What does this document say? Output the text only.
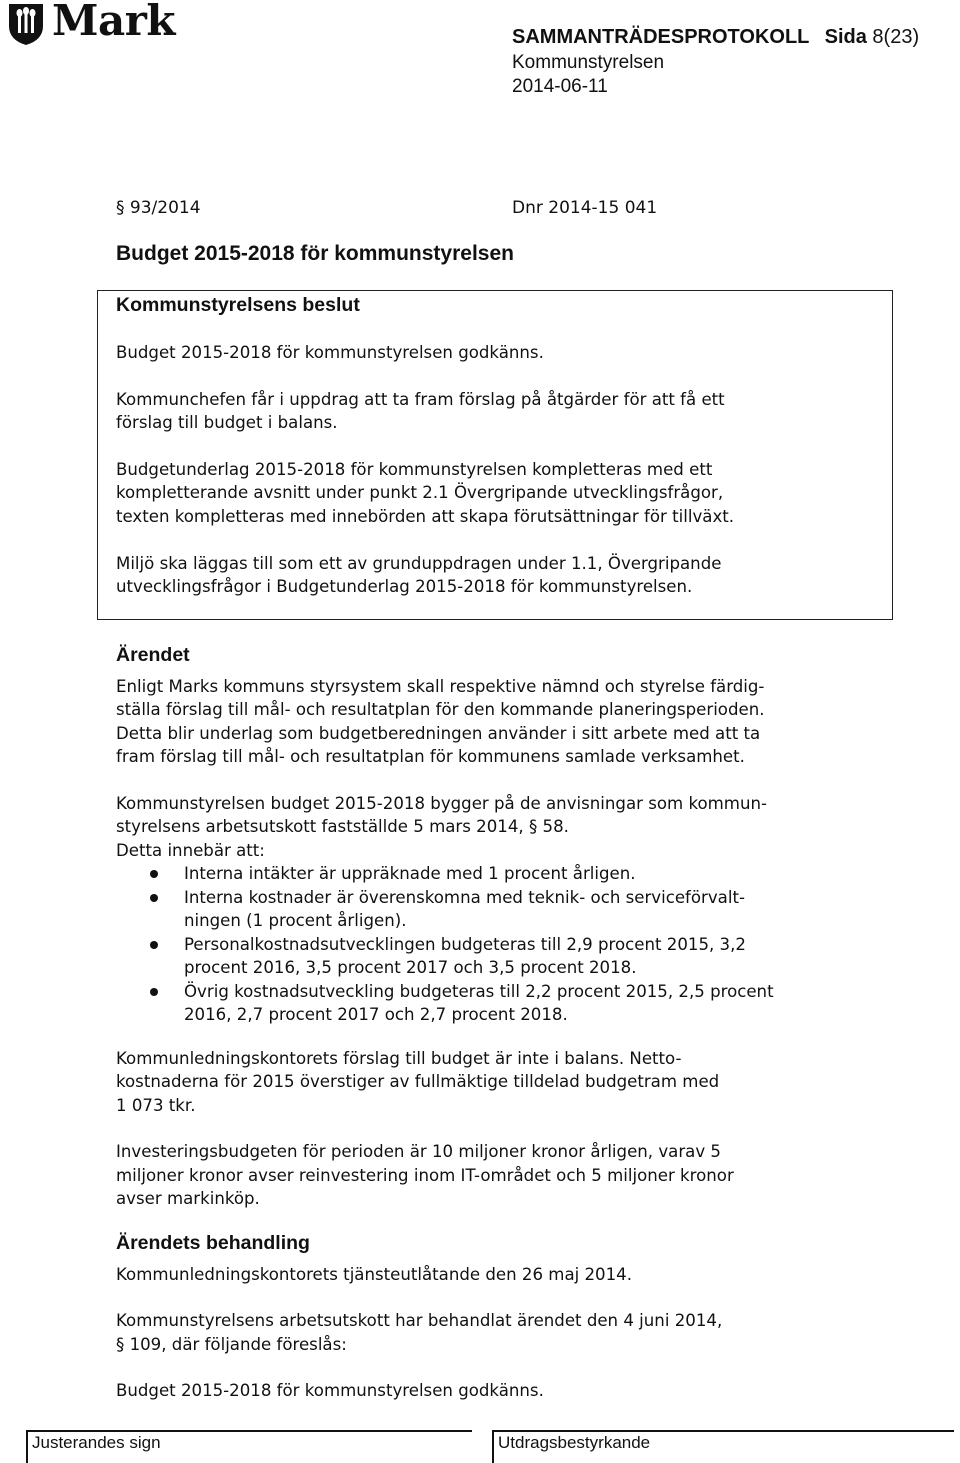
Mark	SAMMANTRÄDESPROTOKOLL Sida 8(23)
Kommunstyrelsen
2014-06-11
§ 93/2014	Dnr 2014-15 041
Budget 2015-2018 för kommunstyrelsen
Kommunstyrelsens beslut
Budget 2015-2018 för kommunstyrelsen godkänns.
Kommunchefen får i uppdrag att ta fram förslag på åtgärder för att få ett
förslag till budget i balans.
Budgetunderlag 2015-2018 för kommunstyrelsen kompletteras med ett
kompletterande avsnitt under punkt 2.1 Övergripande utvecklingsfrågor,
texten kompletteras med innebörden att skapa förutsättningar för tillväxt.
Miljö ska läggas till som ett av grunduppdragen under 1.1, Övergripande
utvecklingsfrågor i Budgetunderlag 2015-2018 för kommunstyrelsen.
Ärendet
Enligt Marks kommuns styrsystem skall respektive nämnd och styrelse färdig-
ställa förslag till mål- och resultatplan för den kommande planeringsperioden.
Detta blir underlag som budgetberedningen använder i sitt arbete med att ta
fram förslag till mål- och resultatplan för kommunens samlade verksamhet.
Kommunstyrelsen budget 2015-2018 bygger på de anvisningar som kommun-
styrelsens arbetsutskott fastställde 5 mars 2014, § 58.
Detta innebär att:
Interna intäkter är uppräknade med 1 procent årligen.
Interna kostnader är överenskomna med teknik- och serviceförvalt-
ningen (1 procent årligen).
Personalkostnadsutvecklingen budgeteras till 2,9 procent 2015, 3,2
procent 2016, 3,5 procent 2017 och 3,5 procent 2018.
Övrig kostnadsutveckling budgeteras till 2,2 procent 2015, 2,5 procent
2016, 2,7 procent 2017 och 2,7 procent 2018.
Kommunledningskontorets förslag till budget är inte i balans. Netto-
kostnaderna för 2015 överstiger av fullmäktige tilldelad budgetram med
1 073 tkr.
Investeringsbudgeten för perioden är 10 miljoner kronor årligen, varav 5
miljoner kronor avser reinvestering inom IT-området och 5 miljoner kronor
avser markinköp.
Ärendets behandling
Kommunledningskontorets tjänsteutlåtande den 26 maj 2014.
Kommunstyrelsens arbetsutskott har behandlat ärendet den 4 juni 2014,
§ 109, där följande föreslås:
Budget 2015-2018 för kommunstyrelsen godkänns.
Justerandes sign	Utdragsbestyrkande
